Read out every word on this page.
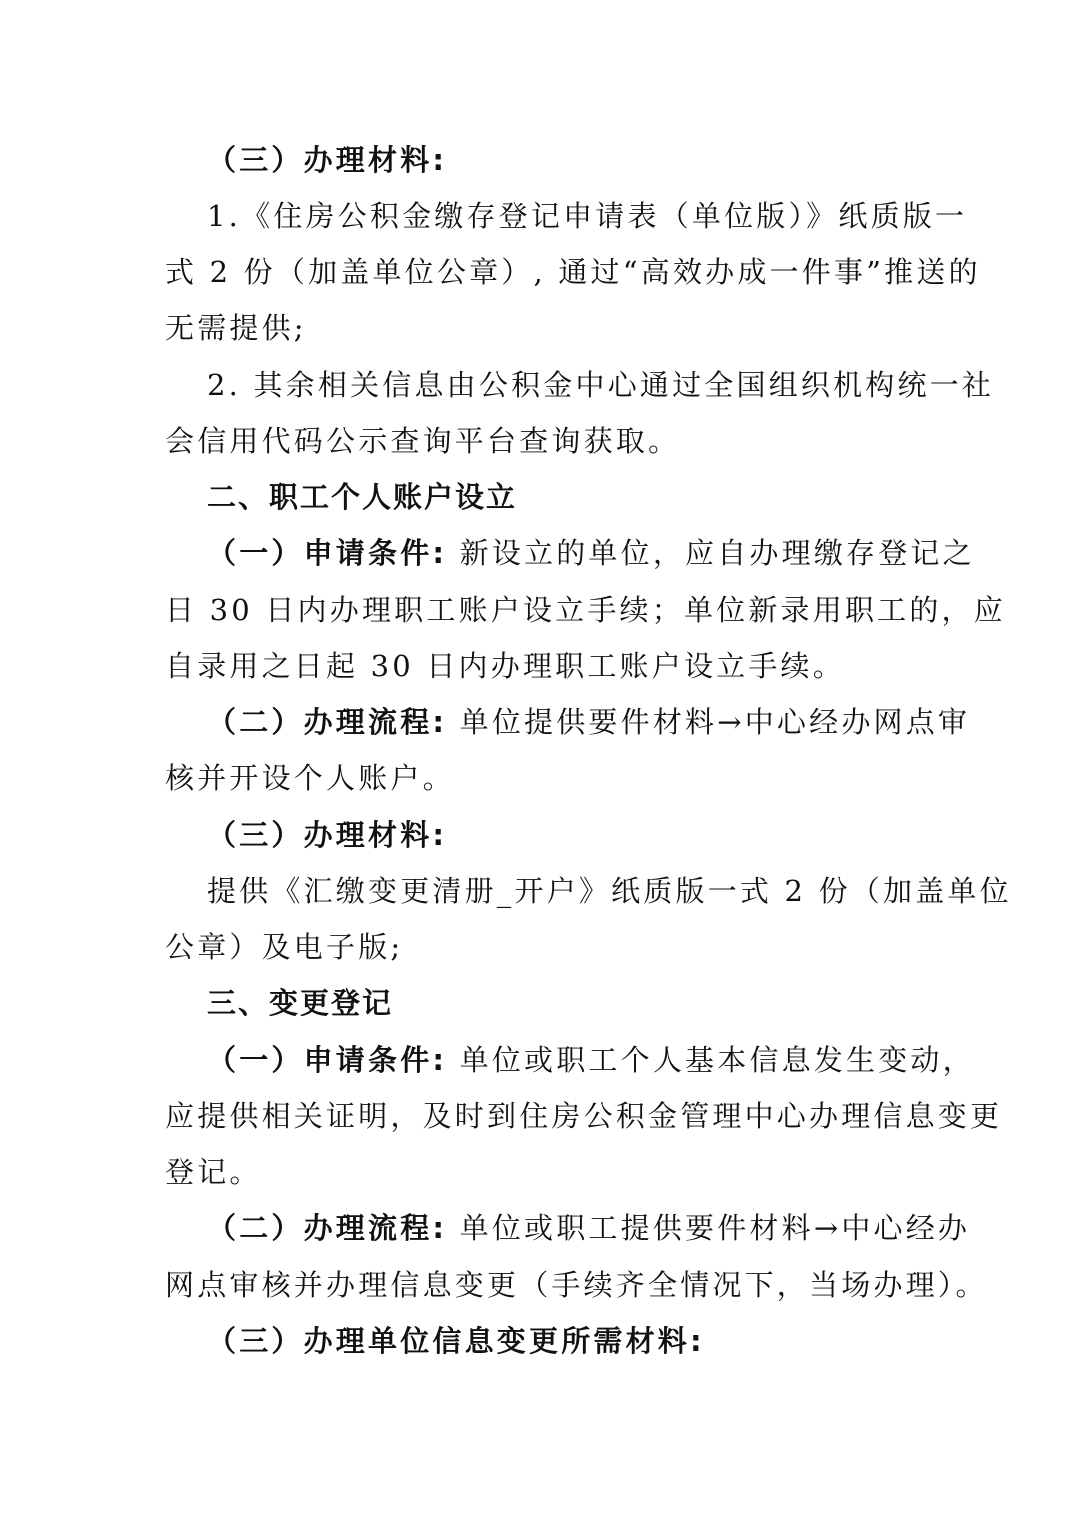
（三）办理材料:
1.《住房公积金缴存登记申请表（单位版）》纸质版一
式 2 份（加盖单位公章）, 通过“高效办成一件事”推送的
无需提供;
2. 其余相关信息由公积金中心通过全国组织机构统一社
会信用代码公示查询平台查询获取。
二、职工个人账户设立
（一）申请条件: 新设立的单位，应自办理缴存登记之
日 30 日内办理职工账户设立手续；单位新录用职工的，应
自录用之日起 30 日内办理职工账户设立手续。
（二）办理流程: 单位提供要件材料→中心经办网点审
核并开设个人账户。
（三）办理材料:
提供《汇缴变更清册_开户》纸质版一式 2 份（加盖单位
公章）及电子版;
三、变更登记
（一）申请条件: 单位或职工个人基本信息发生变动，
应提供相关证明，及时到住房公积金管理中心办理信息变更
登记。
（二）办理流程: 单位或职工提供要件材料→中心经办
网点审核并办理信息变更（手续齐全情况下，当场办理）。
（三）办理单位信息变更所需材料:
